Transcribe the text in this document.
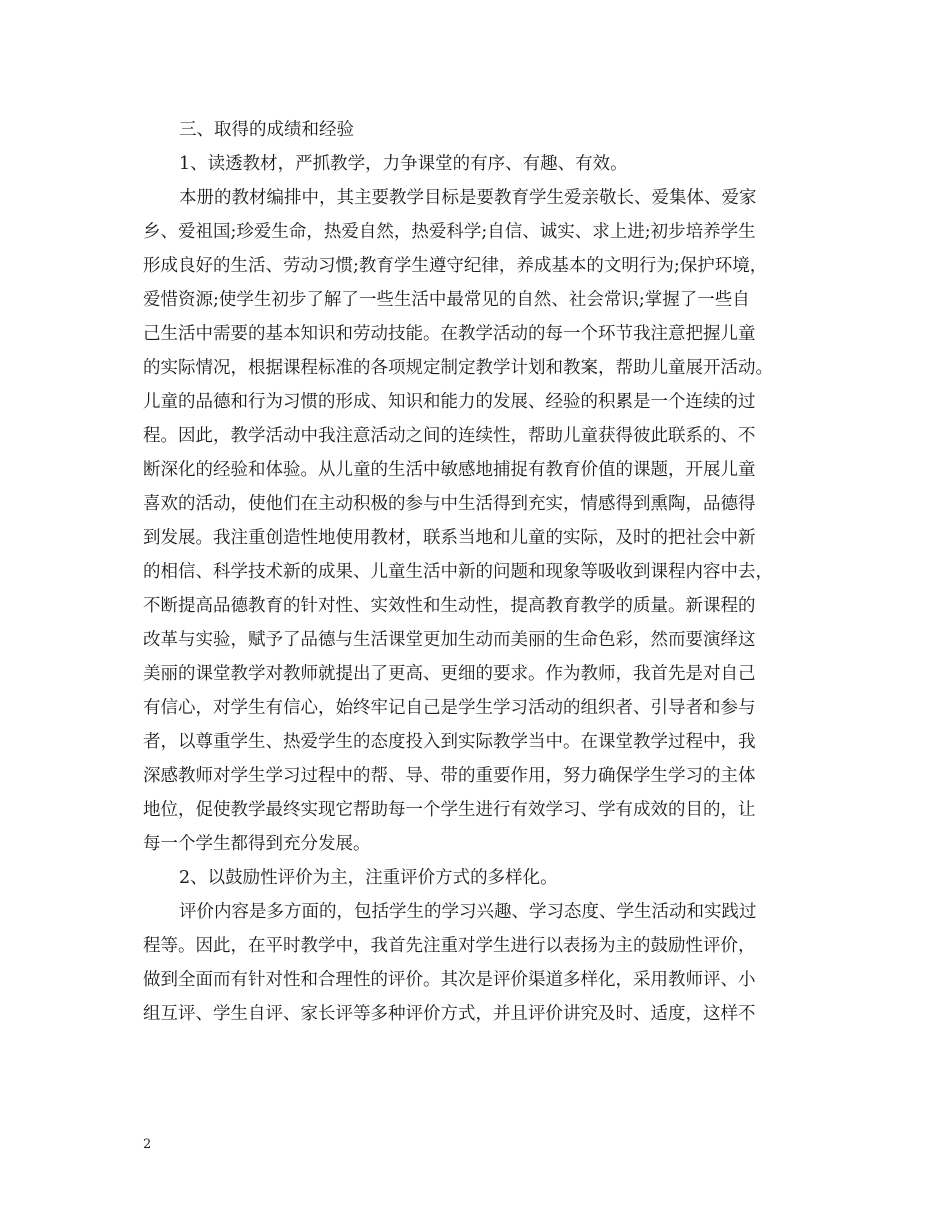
三、取得的成绩和经验
1、读透教材，严抓教学，力争课堂的有序、有趣、有效。
本册的教材编排中，其主要教学目标是要教育学生爱亲敬长、爱集体、爱家
乡、爱祖国;珍爱生命，热爱自然，热爱科学;自信、诚实、求上进;初步培养学生
形成良好的生活、劳动习惯;教育学生遵守纪律，养成基本的文明行为;保护环境，
爱惜资源;使学生初步了解了一些生活中最常见的自然、社会常识;掌握了一些自
己生活中需要的基本知识和劳动技能。在教学活动的每一个环节我注意把握儿童
的实际情况，根据课程标准的各项规定制定教学计划和教案，帮助儿童展开活动。
儿童的品德和行为习惯的形成、知识和能力的发展、经验的积累是一个连续的过
程。因此，教学活动中我注意活动之间的连续性，帮助儿童获得彼此联系的、不
断深化的经验和体验。从儿童的生活中敏感地捕捉有教育价值的课题，开展儿童
喜欢的活动，使他们在主动积极的参与中生活得到充实，情感得到熏陶，品德得
到发展。我注重创造性地使用教材，联系当地和儿童的实际，及时的把社会中新
的相信、科学技术新的成果、儿童生活中新的问题和现象等吸收到课程内容中去，
不断提高品德教育的针对性、实效性和生动性，提高教育教学的质量。新课程的
改革与实验，赋予了品德与生活课堂更加生动而美丽的生命色彩，然而要演绎这
美丽的课堂教学对教师就提出了更高、更细的要求。作为教师，我首先是对自己
有信心，对学生有信心，始终牢记自己是学生学习活动的组织者、引导者和参与
者，以尊重学生、热爱学生的态度投入到实际教学当中。在课堂教学过程中，我
深感教师对学生学习过程中的帮、导、带的重要作用，努力确保学生学习的主体
地位，促使教学最终实现它帮助每一个学生进行有效学习、学有成效的目的，让
每一个学生都得到充分发展。
2、以鼓励性评价为主，注重评价方式的多样化。
评价内容是多方面的，包括学生的学习兴趣、学习态度、学生活动和实践过
程等。因此，在平时教学中，我首先注重对学生进行以表扬为主的鼓励性评价，
做到全面而有针对性和合理性的评价。其次是评价渠道多样化，采用教师评、小
组互评、学生自评、家长评等多种评价方式，并且评价讲究及时、适度，这样不
2
